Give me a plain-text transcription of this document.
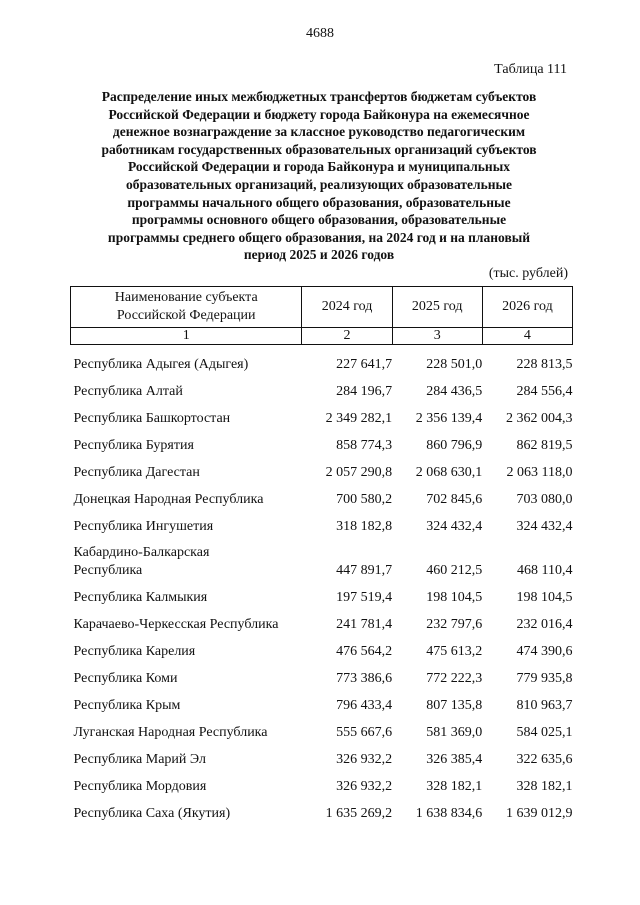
4688
Таблица 111
Распределение иных межбюджетных трансфертов бюджетам субъектов
Российской Федерации и бюджету города Байконура на ежемесячное
денежное вознаграждение за классное руководство педагогическим
работникам государственных образовательных организаций субъектов
Российской Федерации и города Байконура и муниципальных
образовательных организаций, реализующих образовательные
программы начального общего образования, образовательные
программы основного общего образования, образовательные
программы среднего общего образования, на 2024 год и на плановый
период 2025 и 2026 годов
(тыс. рублей)
Наименование субъекта
Российской Федерации	2024 год	2025 год	2026 год
1	2	3	4

Республика Адыгея (Адыгея)	227 641,7	228 501,0	228 813,5

Республика Алтай	284 196,7	284 436,5	284 556,4

Республика Башкортостан	2 349 282,1	2 356 139,4	2 362 004,3

Республика Бурятия	858 774,3	860 796,9	862 819,5

Республика Дагестан	2 057 290,8	2 068 630,1	2 063 118,0

Донецкая Народная Республика	700 580,2	702 845,6	703 080,0

Республика Ингушетия	318 182,8	324 432,4	324 432,4

Кабардино-Балкарская
Республика	447 891,7	460 212,5	468 110,4

Республика Калмыкия	197 519,4	198 104,5	198 104,5

Карачаево-Черкесская Республика	241 781,4	232 797,6	232 016,4

Республика Карелия	476 564,2	475 613,2	474 390,6

Республика Коми	773 386,6	772 222,3	779 935,8

Республика Крым	796 433,4	807 135,8	810 963,7

Луганская Народная Республика	555 667,6	581 369,0	584 025,1

Республика Марий Эл	326 932,2	326 385,4	322 635,6

Республика Мордовия	326 932,2	328 182,1	328 182,1

Республика Саха (Якутия)	1 635 269,2	1 638 834,6	1 639 012,9
